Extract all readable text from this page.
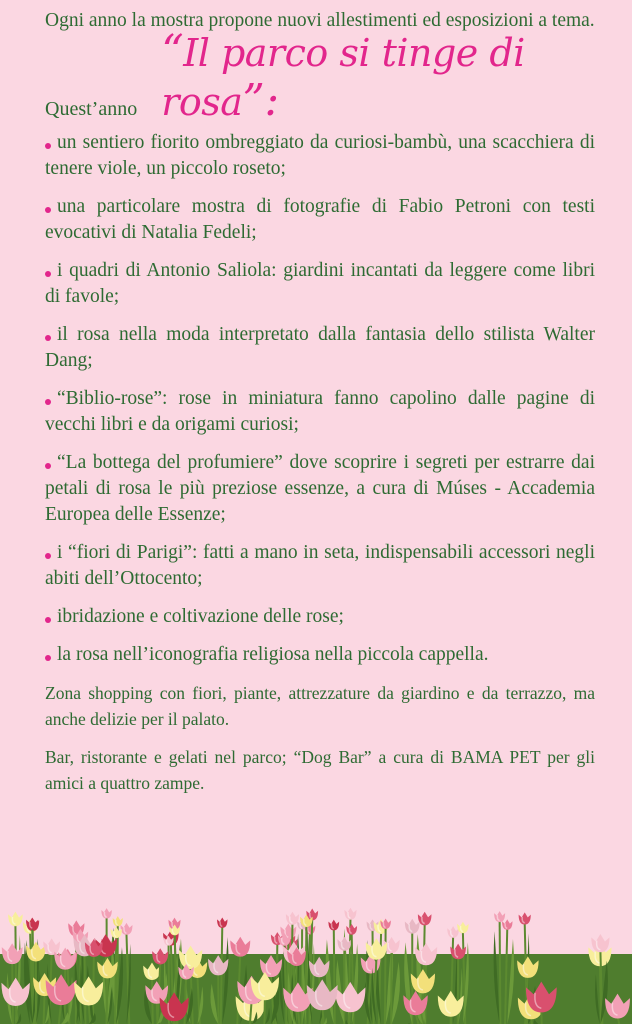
Ogni anno la mostra propone nuovi allestimenti ed esposizioni a tema.

Quest’anno
“Il parco si tinge di rosa”:
un sentiero fiorito ombreggiato da curiosi-bambù, una scacchiera di tenere viole, un piccolo roseto;
una particolare mostra di fotografie di Fabio Petroni con testi evocativi di Natalia Fedeli;
i quadri di Antonio Saliola: giardini incantati da leggere come libri di favole;
il rosa nella moda interpretato dalla fantasia dello stilista Walter Dang;
“Biblio-rose”: rose in miniatura fanno capolino dalle pagine di vecchi libri e da origami curiosi;
“La bottega del profumiere” dove scoprire i segreti per estrarre dai petali di rosa le più preziose essenze, a cura di Múses - Accademia Europea delle Essenze;
i “fiori di Parigi”: fatti a mano in seta, indispensabili accessori negli abiti dell’Ottocento;
ibridazione e coltivazione delle rose;
la rosa nell’iconografia religiosa nella piccola cappella.

Zona shopping con fiori, piante, attrezzature da giardino e da terrazzo, ma anche delizie per il palato.

Bar, ristorante e gelati nel parco; “Dog Bar” a cura di BAMA PET per gli amici a quattro zampe.
